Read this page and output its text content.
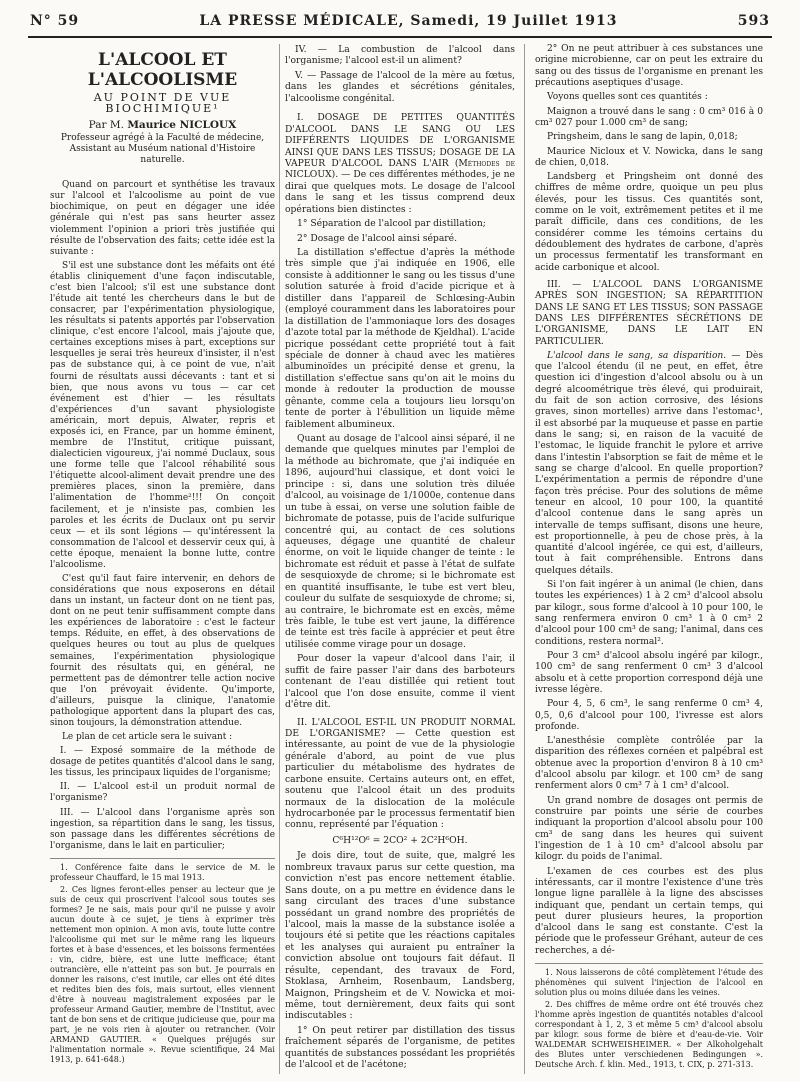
N° 59	LA PRESSE MÉDICALE, Samedi, 19 Juillet 1913	593
L'ALCOOL ET L'ALCOOLISME
AU POINT DE VUE BIOCHIMIQUE¹
Par M. Maurice NICLOUX
Professeur agrégé à la Faculté de médecine, Assistant au Muséum national d'Histoire naturelle.

Quand on parcourt et synthétise les travaux sur l'alcool et l'alcoolisme au point de vue biochimique, on peut en dégager une idée générale qui n'est pas sans heurter assez violemment l'opinion a priori très justifiée qui résulte de l'observation des faits; cette idée est la suivante :

S'il est une substance dont les méfaits ont été établis cliniquement d'une façon indiscutable, c'est bien l'alcool; s'il est une substance dont l'étude ait tenté les chercheurs dans le but de consacrer, par l'expérimentation physiologique, les résultats si patents apportés par l'observation clinique, c'est encore l'alcool, mais j'ajoute que, certaines exceptions mises à part, exceptions sur lesquelles je serai très heureux d'insister, il n'est pas de substance qui, à ce point de vue, n'ait fourni de résultats aussi décevants : tant et si bien, que nous avons vu tous — car cet événement est d'hier — les résultats d'expériences d'un savant physiologiste américain, mort depuis, Alwater, repris et exposés ici, en France, par un homme éminent, membre de l'Institut, critique puissant, dialecticien vigoureux, j'ai nommé Duclaux, sous une forme telle que l'alcool réhabilité sous l'étiquette alcool-aliment devait prendre une des premières places, sinon la première, dans l'alimentation de l'homme²!!! On conçoit facilement, et je n'insiste pas, combien les paroles et les écrits de Duclaux ont pu servir ceux — et ils sont légions — qu'intéressent la consommation de l'alcool et desservir ceux qui, à cette époque, menaient la bonne lutte, contre l'alcoolisme.

C'est qu'il faut faire intervenir, en dehors de considérations que nous exposerons en détail dans un instant, un facteur dont on ne tient pas, dont on ne peut tenir suffisamment compte dans les expériences de laboratoire : c'est le facteur temps. Réduite, en effet, à des observations de quelques heures ou tout au plus de quelques semaines, l'expérimentation physiologique fournit des résultats qui, en général, ne permettent pas de démontrer telle action nocive que l'on prévoyait évidente. Qu'importe, d'ailleurs, puisque la clinique, l'anatomie pathologique apportent dans la plupart des cas, sinon toujours, la démonstration attendue.

Le plan de cet article sera le suivant :

I. — Exposé sommaire de la méthode de dosage de petites quantités d'alcool dans le sang, les tissus, les principaux liquides de l'organisme;

II. — L'alcool est-il un produit normal de l'organisme?

III. — L'alcool dans l'organisme après son ingestion, sa répartition dans le sang, les tissus, son passage dans les différentes sécrétions de l'organisme, dans le lait en particulier;

1. Conférence faite dans le service de M. le professeur Chauffard, le 15 mai 1913.

2. Ces lignes feront-elles penser au lecteur que je suis de ceux qui proscrivent l'alcool sous toutes ses formes? Je ne sais, mais pour qu'il ne puisse y avoir aucun doute à ce sujet, je tiens à exprimer très nettement mon opinion. A mon avis, toute lutte contre l'alcoolisme qui met sur le même rang les liqueurs fortes et à base d'essences, et les boissons fermentées : vin, cidre, bière, est une lutte inefficace; étant outrancière, elle n'atteint pas son but. Je pourrais en donner les raisons, c'est inutile, car elles ont été dites et redites bien des fois, mais surtout, elles viennent d'être à nouveau magistralement exposées par le professeur Armand Gautier, membre de l'Institut, avec tant de bon sens et de critique judicieuse que, pour ma part, je ne vois rien à ajouter ou retrancher. (Voir ARMAND GAUTIER. « Quelques préjugés sur l'alimentation normale ». Revue scientifique, 24 Mai 1913, p. 641-648.)

IV. — La combustion de l'alcool dans l'organisme; l'alcool est-il un aliment?

V. — Passage de l'alcool de la mère au fœtus, dans les glandes et sécrétions génitales, l'alcoolisme congénital.

I. DOSAGE DE PETITES QUANTITÉS D'ALCOOL DANS LE SANG OU LES DIFFÉRENTS LIQUIDES DE L'ORGANISME AINSI QUE DANS LES TISSUS; DOSAGE DE LA VAPEUR D'ALCOOL DANS L'AIR (Méthodes de NICLOUX). — De ces différentes méthodes, je ne dirai que quelques mots. Le dosage de l'alcool dans le sang et les tissus comprend deux opérations bien distinctes :

1° Séparation de l'alcool par distillation;

2° Dosage de l'alcool ainsi séparé.

La distillation s'effectue d'après la méthode très simple que j'ai indiquée en 1906, elle consiste à additionner le sang ou les tissus d'une solution saturée à froid d'acide picrique et à distiller dans l'appareil de Schlœsing-Aubin (employé couramment dans les laboratoires pour la distillation de l'ammoniaque lors des dosages d'azote total par la méthode de Kjeldhal). L'acide picrique possédant cette propriété tout à fait spéciale de donner à chaud avec les matières albuminoïdes un précipité dense et grenu, la distillation s'effectue sans qu'on ait le moins du monde à redouter la production de mousse gênante, comme cela a toujours lieu lorsqu'on tente de porter à l'ébullition un liquide même faiblement albumineux.

Quant au dosage de l'alcool ainsi séparé, il ne demande que quelques minutes par l'emploi de la méthode au bichromate, que j'ai indiquée en 1896, aujourd'hui classique, et dont voici le principe : si, dans une solution très diluée d'alcool, au voisinage de 1/1000e, contenue dans un tube à essai, on verse une solution faible de bichromate de potasse, puis de l'acide sulfurique concentré qui, au contact de ces solutions aqueuses, dégage une quantité de chaleur énorme, on voit le liquide changer de teinte : le bichromate est réduit et passe à l'état de sulfate de sesquioxyde de chrome; si le bichromate est en quantité insuffisante, le tube est vert bleu, couleur du sulfate de sesquioxyde de chrome; si, au contraire, le bichromate est en excès, même très faible, le tube est vert jaune, la différence de teinte est très facile à apprécier et peut être utilisée comme virage pour un dosage.

Pour doser la vapeur d'alcool dans l'air, il suffit de faire passer l'air dans des barboteurs contenant de l'eau distillée qui retient tout l'alcool que l'on dose ensuite, comme il vient d'être dit.

II. L'ALCOOL EST-IL UN PRODUIT NORMAL DE L'ORGANISME? — Cette question est intéressante, au point de vue de la physiologie générale d'abord, au point de vue plus particulier du métabolisme des hydrates de carbone ensuite. Certains auteurs ont, en effet, soutenu que l'alcool était un des produits normaux de la dislocation de la molécule hydrocarbonée par le processus fermentatif bien connu, représenté par l'équation :

C⁶H¹²O⁶ = 2CO² + 2C²H⁶OH.

Je dois dire, tout de suite, que, malgré les nombreux travaux parus sur cette question, ma conviction n'est pas encore nettement établie. Sans doute, on a pu mettre en évidence dans le sang circulant des traces d'une substance possédant un grand nombre des propriétés de l'alcool, mais la masse de la substance isolée a toujours été si petite que les réactions capitales et les analyses qui auraient pu entraîner la conviction absolue ont toujours fait défaut. Il résulte, cependant, des travaux de Ford, Stoklasa, Arnheim, Rosenbaum, Landsberg, Maignon, Pringsheim et de V. Nowicka et moi-même, tout dernièrement, deux faits qui sont indiscutables :

1° On peut retirer par distillation des tissus fraîchement séparés de l'organisme, de petites quantités de substances possédant les propriétés de l'alcool et de l'acétone;

2° On ne peut attribuer à ces substances une origine microbienne, car on peut les extraire du sang ou des tissus de l'organisme en prenant les précautions aseptiques d'usage.

Voyons quelles sont ces quantités :

Maignon a trouvé dans le sang : 0 cm³ 016 à 0 cm³ 027 pour 1.000 cm³ de sang;

Pringsheim, dans le sang de lapin, 0,018;

Maurice Nicloux et V. Nowicka, dans le sang de chien, 0,018.

Landsberg et Pringsheim ont donné des chiffres de même ordre, quoique un peu plus élevés, pour les tissus. Ces quantités sont, comme on le voit, extrêmement petites et il me paraît difficile, dans ces conditions, de les considérer comme les témoins certains du dédoublement des hydrates de carbone, d'après un processus fermentatif les transformant en acide carbonique et alcool.

III. — L'ALCOOL DANS L'ORGANISME APRÈS SON INGESTION; SA RÉPARTITION DANS LE SANG ET LES TISSUS; SON PASSAGE DANS LES DIFFÉRENTES SÉCRÉTIONS DE L'ORGANISME, DANS LE LAIT EN PARTICULIER.

L'alcool dans le sang, sa disparition. — Dès que l'alcool étendu (il ne peut, en effet, être question ici d'ingestion d'alcool absolu ou à un degré alcoométrique très élevé, qui produirait, du fait de son action corrosive, des lésions graves, sinon mortelles) arrive dans l'estomac¹, il est absorbé par la muqueuse et passe en partie dans le sang; si, en raison de la vacuité de l'estomac, le liquide franchit le pylore et arrive dans l'intestin l'absorption se fait de même et le sang se charge d'alcool. En quelle proportion? L'expérimentation a permis de répondre d'une façon très précise. Pour des solutions de même teneur en alcool, 10 pour 100, la quantité d'alcool contenue dans le sang après un intervalle de temps suffisant, disons une heure, est proportionnelle, à peu de chose près, à la quantité d'alcool ingérée, ce qui est, d'ailleurs, tout à fait compréhensible. Entrons dans quelques détails.

Si l'on fait ingérer à un animal (le chien, dans toutes les expériences) 1 à 2 cm³ d'alcool absolu par kilogr., sous forme d'alcool à 10 pour 100, le sang renfermera environ 0 cm³ 1 à 0 cm³ 2 d'alcool pour 100 cm³ de sang; l'animal, dans ces conditions, restera normal².

Pour 3 cm³ d'alcool absolu ingéré par kilogr., 100 cm³ de sang renferment 0 cm³ 3 d'alcool absolu et à cette proportion correspond déjà une ivresse légère.

Pour 4, 5, 6 cm³, le sang renferme 0 cm³ 4, 0,5, 0,6 d'alcool pour 100, l'ivresse est alors profonde.

L'anesthésie complète contrôlée par la disparition des réflexes cornéen et palpébral est obtenue avec la proportion d'environ 8 à 10 cm³ d'alcool absolu par kilogr. et 100 cm³ de sang renferment alors 0 cm³ 7 à 1 cm³ d'alcool.

Un grand nombre de dosages ont permis de construire par points une série de courbes indiquant la proportion d'alcool absolu pour 100 cm³ de sang dans les heures qui suivent l'ingestion de 1 à 10 cm³ d'alcool absolu par kilogr. du poids de l'animal.

L'examen de ces courbes est des plus intéressants, car il montre l'existence d'une très longue ligne parallèle à la ligne des abscisses indiquant que, pendant un certain temps, qui peut durer plusieurs heures, la proportion d'alcool dans le sang est constante. C'est la période que le professeur Gréhant, auteur de ces recherches, a dé-

1. Nous laisserons de côté complètement l'étude des phénomènes qui suivent l'injection de l'alcool en solution plus ou moins diluée dans les veines.

2. Des chiffres de même ordre ont été trouvés chez l'homme après ingestion de quantités notables d'alcool correspondant à 1, 2, 3 et même 5 cm³ d'alcool absolu par kilogr. sous forme de bière et d'eau-de-vie. Voir WALDEMAR SCHWEISHEIMER. « Der Alkoholgehalt des Blutes unter verschiedenen Bedingungen ». Deutsche Arch. f. klin. Med., 1913, t. CIX, p. 271-313.
